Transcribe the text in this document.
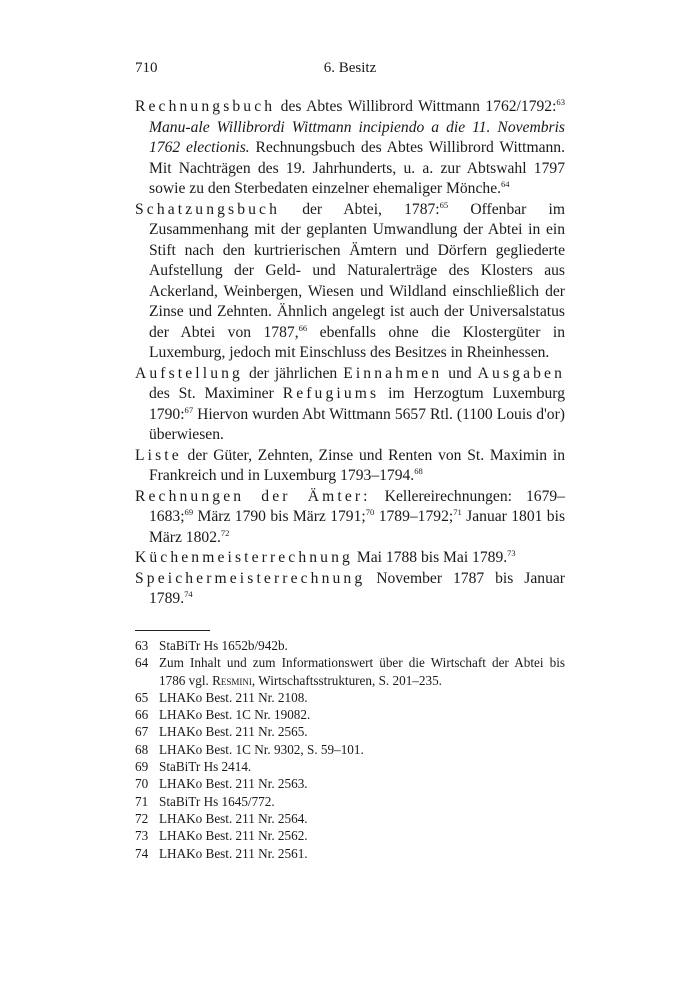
710	6. Besitz

Rechnungsbuch des Abtes Willibrord Wittmann 1762/1792:$^{63}$ Manu-ale Willibrordi Wittmann incipiendo a die 11. Novembris 1762 electionis. Rechnungsbuch des Abtes Willibrord Wittmann. Mit Nachträgen des 19. Jahrhunderts, u. a. zur Abtswahl 1797 sowie zu den Sterbedaten einzelner ehemaliger Mönche.$^{64}$

Schatzungsbuch der Abtei, 1787:$^{65}$ Offenbar im Zusammenhang mit der geplanten Umwandlung der Abtei in ein Stift nach den kurtrierischen Ämtern und Dörfern gegliederte Aufstellung der Geld- und Naturalerträge des Klosters aus Ackerland, Weinbergen, Wiesen und Wildland einschließlich der Zinse und Zehnten. Ähnlich angelegt ist auch der Universalstatus der Abtei von 1787,66 ebenfalls ohne die Klostergüter in Luxemburg, jedoch mit Einschluss des Besitzes in Rheinhessen.

Aufstellung der jährlichen Einnahmen und Ausgaben des St. Maximiner Refugiums im Herzogtum Luxemburg 1790:$^{67}$ Hiervon wurden Abt Wittmann 5657 Rtl. (1100 Louis d'or) überwiesen.

Liste der Güter, Zehnten, Zinse und Renten von St. Maximin in Frankreich und in Luxemburg 1793–1794.68

Rechnungen der Ämter: Kellereirechnungen: 1679–1683;$^{69}$ März 1790 bis März 1791;$^{70}$ 1789–1792;$^{71}$ Januar 1801 bis März 1802.72

Küchenmeisterrechnung Mai 1788 bis Mai 1789.73

Speichermeisterrechnung November 1787 bis Januar 1789.74

63 StaBiTr Hs 1652b/942b.

64 Zum Inhalt und zum Informationswert über die Wirtschaft der Abtei bis 1786 vgl. Resmini, Wirtschaftsstrukturen, S. 201–235.

65 LHAKo Best. 211 Nr. 2108.

66 LHAKo Best. 1C Nr. 19082.

67 LHAKo Best. 211 Nr. 2565.

68 LHAKo Best. 1C Nr. 9302, S. 59–101.

69 StaBiTr Hs 2414.

70 LHAKo Best. 211 Nr. 2563.

71 StaBiTr Hs 1645/772.

72 LHAKo Best. 211 Nr. 2564.

73 LHAKo Best. 211 Nr. 2562.

74 LHAKo Best. 211 Nr. 2561.
